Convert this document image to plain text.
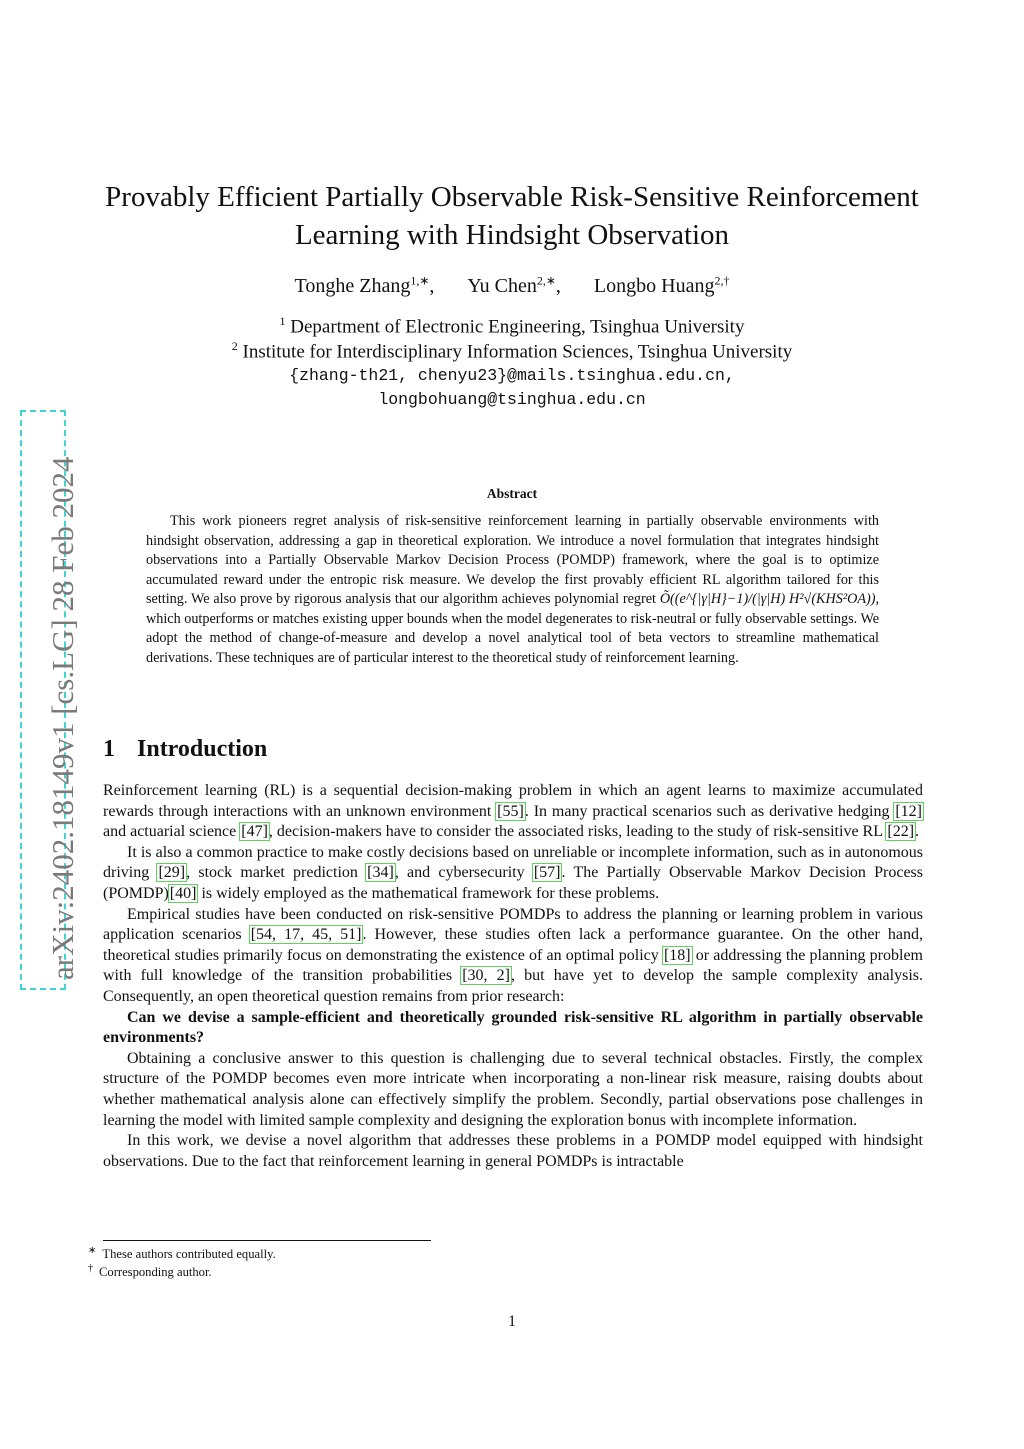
arXiv:2402.18149v1 [cs.LG] 28 Feb 2024
Provably Efficient Partially Observable Risk-Sensitive Reinforcement
Learning with Hindsight Observation
Tonghe Zhang$^{1,∗}$, Yu Chen$^{2,∗}$, Longbo Huang$^{2,\dagger}$
$^1$ Department of Electronic Engineering, Tsinghua University
$^2$ Institute for Interdisciplinary Information Sciences, Tsinghua University
{zhang-th21, chenyu23}@mails.tsinghua.edu.cn,
longbohuang@tsinghua.edu.cn
Abstract
This work pioneers regret analysis of risk-sensitive reinforcement learning in partially observable environments with hindsight observation, addressing a gap in theoretical exploration. We introduce a novel formulation that integrates hindsight observations into a Partially Observable Markov Decision Process (POMDP) framework, where the goal is to optimize accumulated reward under the entropic risk measure. We develop the first provably efficient RL algorithm tailored for this setting. We also prove by rigorous analysis that our algorithm achieves polynomial regret Õ((e^{|γ|H}−1)/(|γ|H) H²√(KHS²OA)), which outperforms or matches existing upper bounds when the model degenerates to risk-neutral or fully observable settings. We adopt the method of change-of-measure and develop a novel analytical tool of beta vectors to streamline mathematical derivations. These techniques are of particular interest to the theoretical study of reinforcement learning.
1 Introduction

Reinforcement learning (RL) is a sequential decision-making problem in which an agent learns to maximize accumulated rewards through interactions with an unknown environment [55]. In many practical scenarios such as derivative hedging [12] and actuarial science [47], decision-makers have to consider the associated risks, leading to the study of risk-sensitive RL [22].

It is also a common practice to make costly decisions based on unreliable or incomplete information, such as in autonomous driving [29], stock market prediction [34], and cybersecurity [57]. The Partially Observable Markov Decision Process (POMDP)[40] is widely employed as the mathematical framework for these problems.

Empirical studies have been conducted on risk-sensitive POMDPs to address the planning or learning problem in various application scenarios [54, 17, 45, 51]. However, these studies often lack a performance guarantee. On the other hand, theoretical studies primarily focus on demonstrating the existence of an optimal policy [18] or addressing the planning problem with full knowledge of the transition probabilities [30, 2], but have yet to develop the sample complexity analysis. Consequently, an open theoretical question remains from prior research:

Can we devise a sample-efficient and theoretically grounded risk-sensitive RL algorithm in partially observable environments?

Obtaining a conclusive answer to this question is challenging due to several technical obstacles. Firstly, the complex structure of the POMDP becomes even more intricate when incorporating a non-linear risk measure, raising doubts about whether mathematical analysis alone can effectively simplify the problem. Secondly, partial observations pose challenges in learning the model with limited sample complexity and designing the exploration bonus with incomplete information.

In this work, we devise a novel algorithm that addresses these problems in a POMDP model equipped with hindsight observations. Due to the fact that reinforcement learning in general POMDPs is intractable

∗ These authors contributed equally.
† Corresponding author.
1
